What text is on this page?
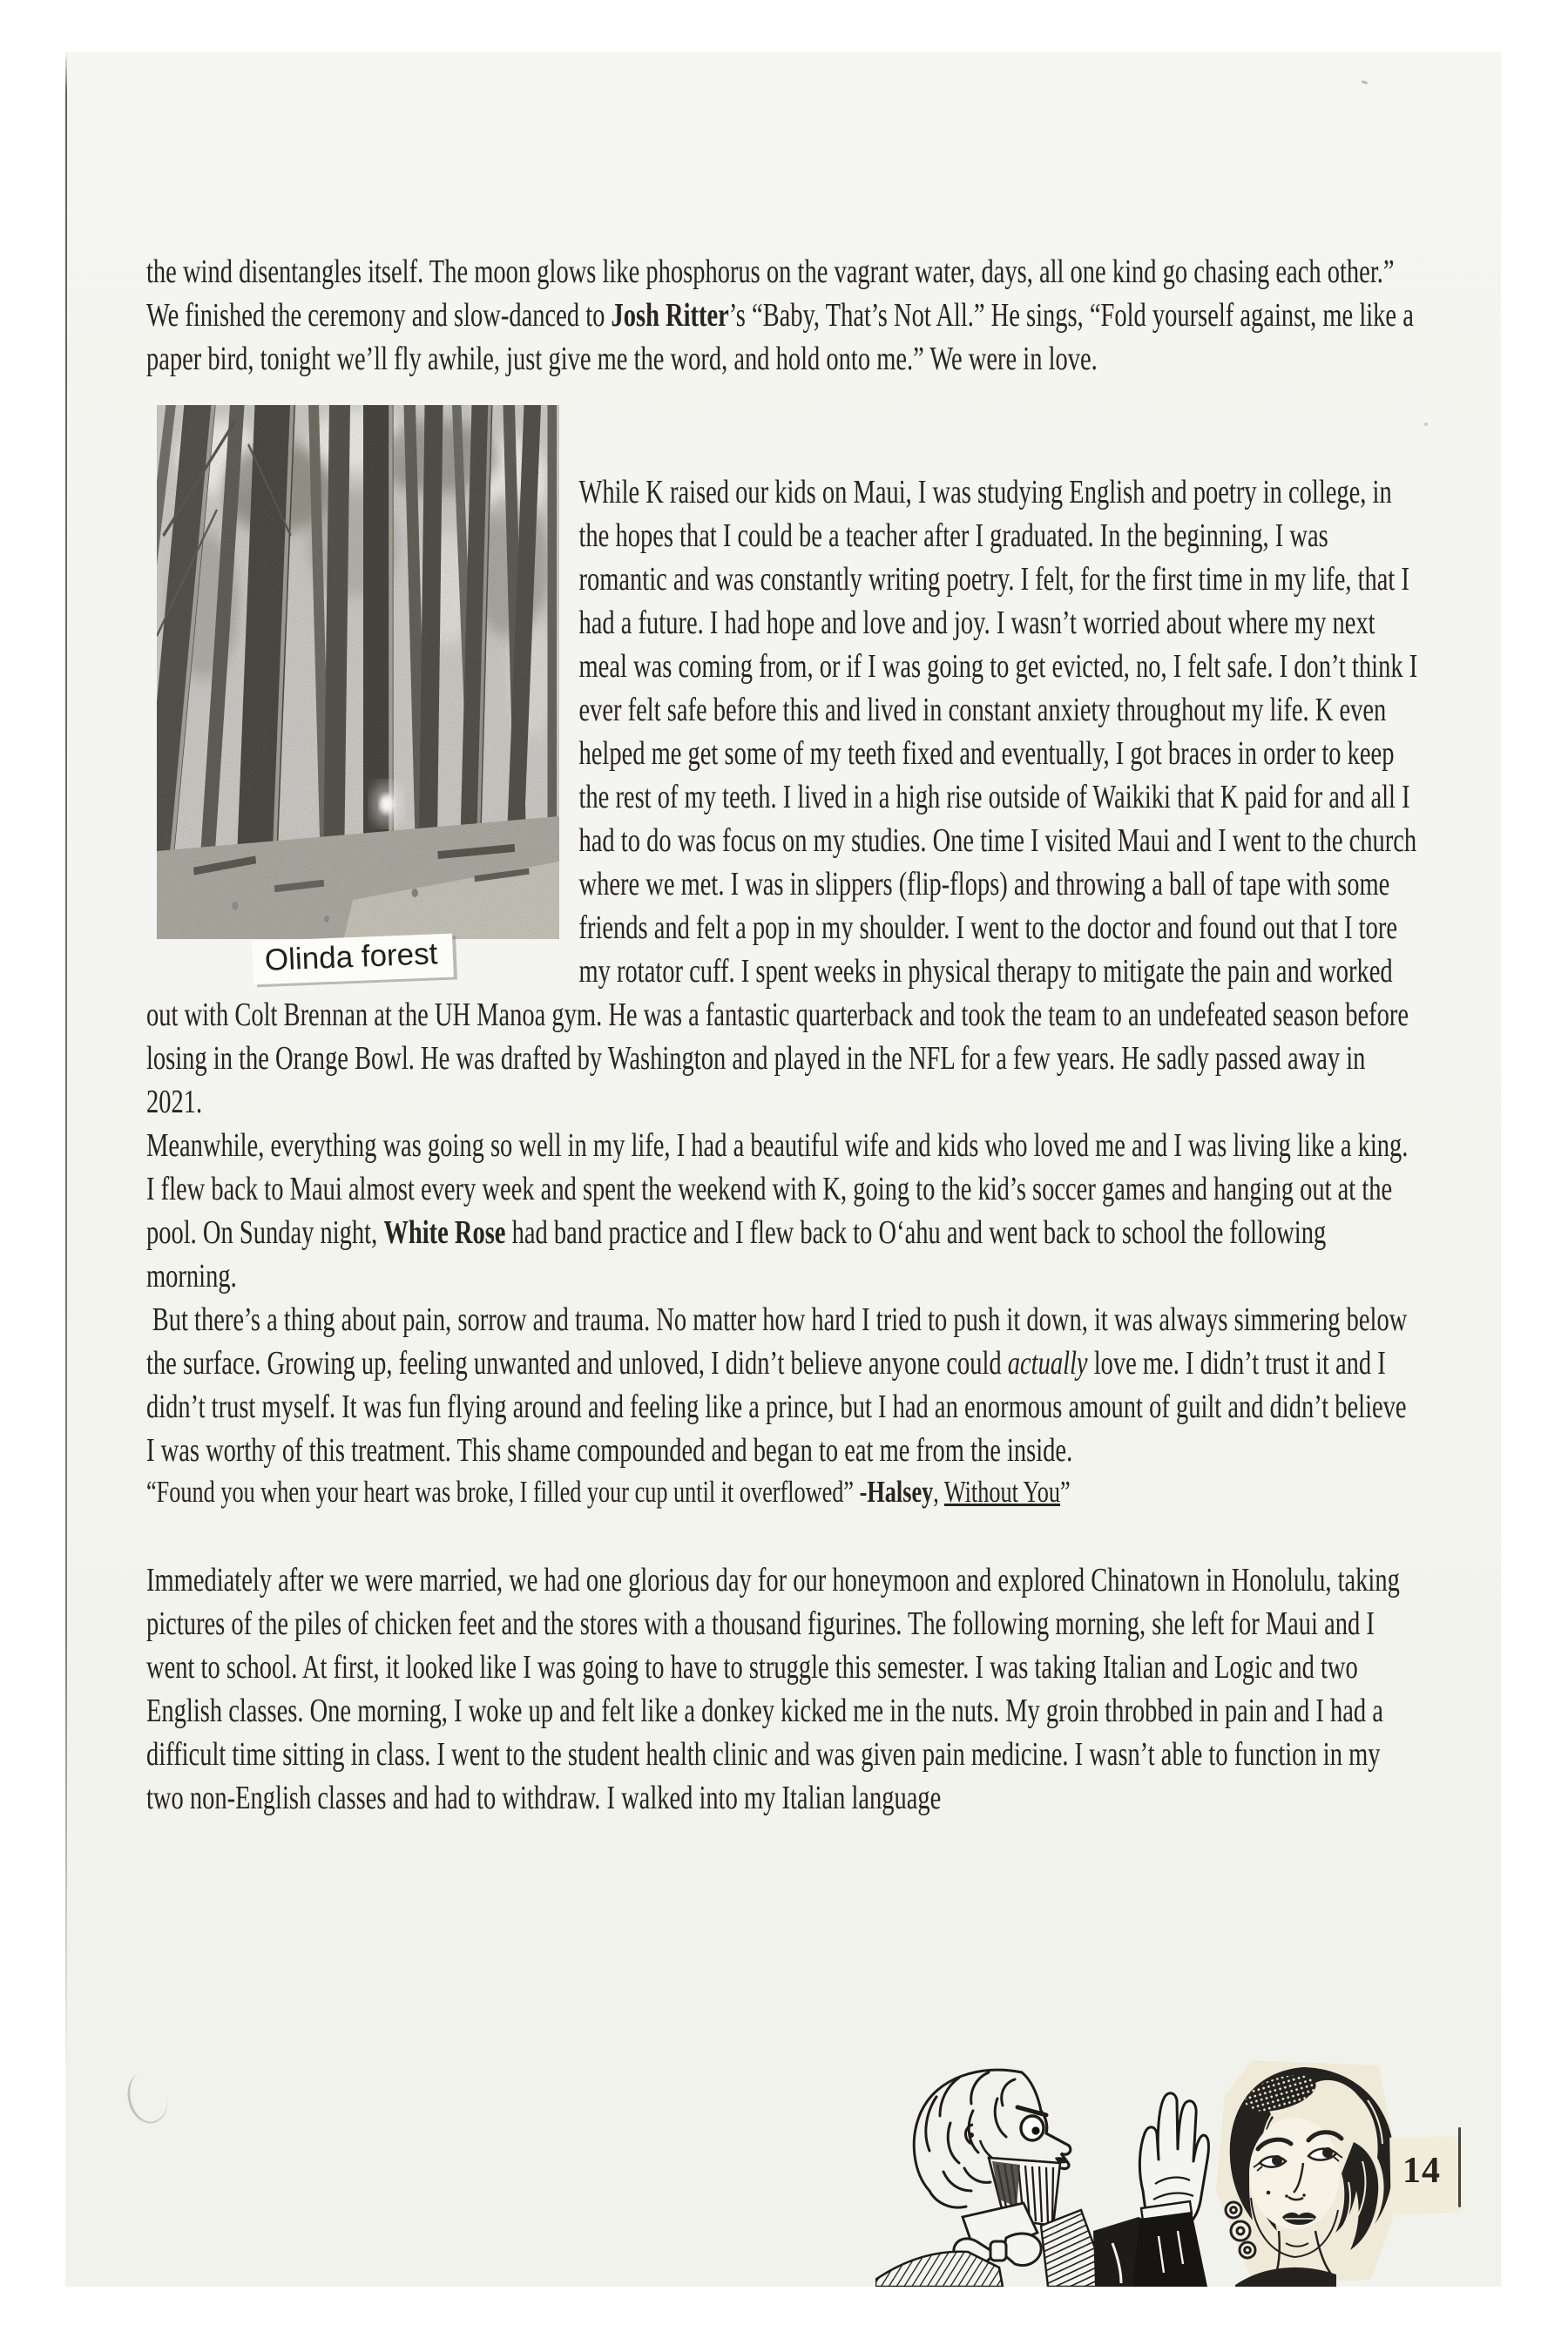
the wind disentangles itself. The moon glows like phosphorus on the vagrant water, days, all one kind go chasing each other.” We finished the ceremony and slow-danced to Josh Ritter’s “Baby, That’s Not All.” He sings, “Fold yourself against, me like a paper bird, tonight we’ll fly awhile, just give me the word, and hold onto me.” We were in love.

While K raised our kids on Maui, I was studying English and poetry in college, in the hopes that I could be a teacher after I graduated. In the beginning, I was romantic and was constantly writing poetry. I felt, for the first time in my life, that I had a future. I had hope and love and joy. I wasn’t worried about where my next meal was coming from, or if I was going to get evicted, no, I felt safe. I don’t think I ever felt safe before this and lived in constant anxiety throughout my life. K even helped me get some of my teeth fixed and eventually, I got braces in order to keep the rest of my teeth. I lived in a high rise outside of Waikiki that K paid for and all I had to do was focus on my studies. One time I visited Maui and I went to the church where we met. I was in slippers (flip-flops) and throwing a ball of tape with some friends and felt a pop in my shoulder. I went to the doctor and found out that I tore my rotator cuff. I spent weeks in physical therapy to mitigate the pain and worked out with Colt Brennan at the UH Manoa gym. He was a fantastic quarterback and took the team to an undefeated season before losing in the Orange Bowl. He was drafted by Washington and played in the NFL for a few years. He sadly passed away in 2021.

Meanwhile, everything was going so well in my life, I had a beautiful wife and kids who loved me and I was living like a king. I flew back to Maui almost every week and spent the weekend with K, going to the kid’s soccer games and hanging out at the pool. On Sunday night, White Rose had band practice and I flew back to O‘ahu and went back to school the following morning.

But there’s a thing about pain, sorrow and trauma. No matter how hard I tried to push it down, it was always simmering below the surface. Growing up, feeling unwanted and unloved, I didn’t believe anyone could actually love me. I didn’t trust it and I didn’t trust myself. It was fun flying around and feeling like a prince, but I had an enormous amount of guilt and didn’t believe I was worthy of this treatment. This shame compounded and began to eat me from the inside.

“Found you when your heart was broke, I filled your cup until it overflowed” -Halsey, Without You”

Immediately after we were married, we had one glorious day for our honeymoon and explored Chinatown in Honolulu, taking pictures of the piles of chicken feet and the stores with a thousand figurines. The following morning, she left for Maui and I went to school. At first, it looked like I was going to have to struggle this semester. I was taking Italian and Logic and two English classes. One morning, I woke up and felt like a donkey kicked me in the nuts. My groin throbbed in pain and I had a difficult time sitting in class. I went to the student health clinic and was given pain medicine. I wasn’t able to function in my two non-English classes and had to withdraw. I walked into my Italian language

Olinda forest
14
